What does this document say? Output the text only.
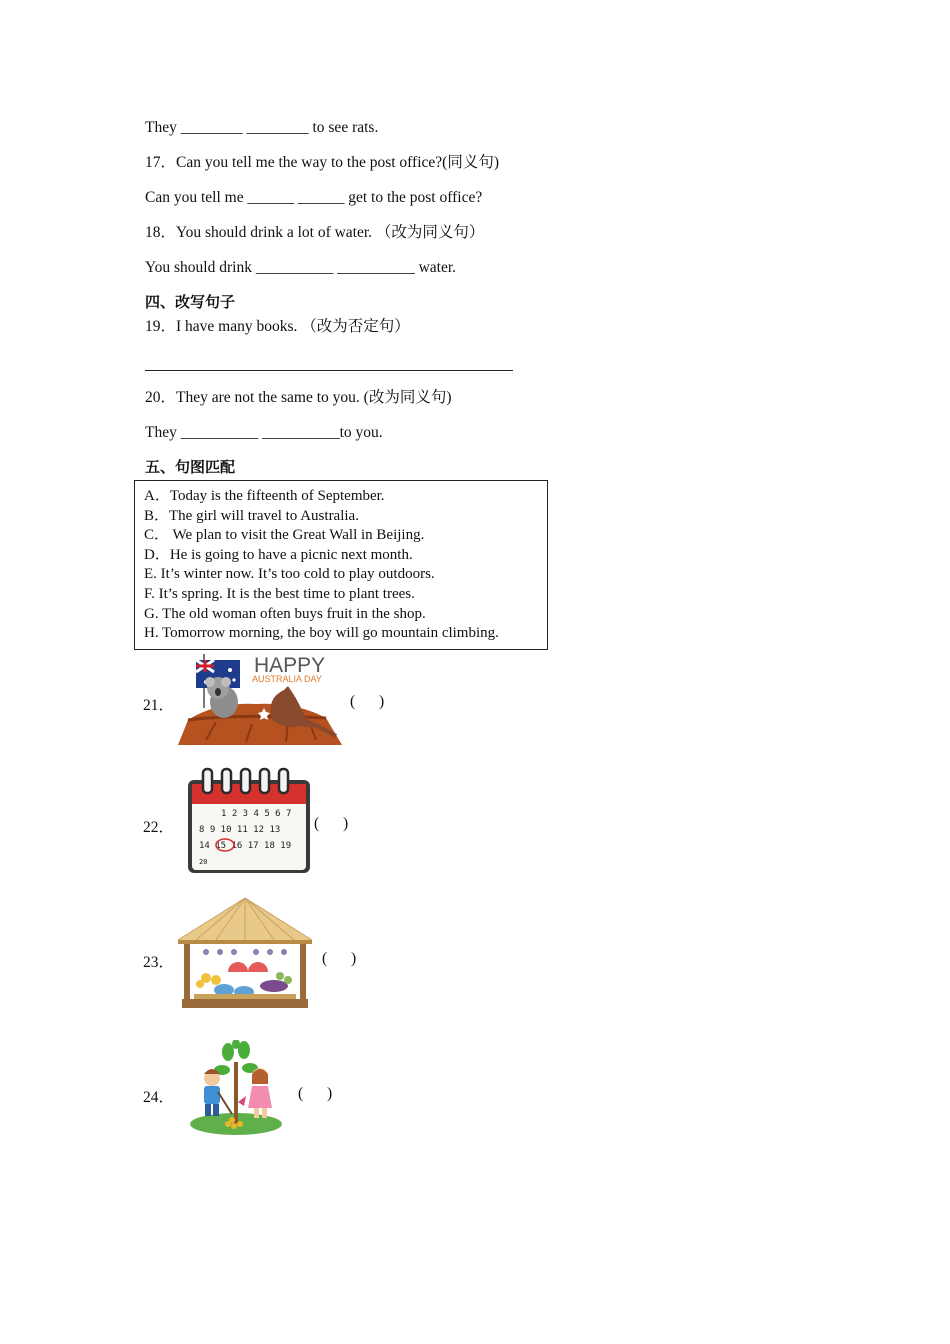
They ________ ________ to see rats.
17．Can you tell me the way to the post office?(同义句)
Can you tell me ______ ______ get to the post office?
18．You should drink a lot of water. （改为同义句）
You should drink __________ __________ water.
四、改写句子
19．I have many books. （改为否定句）
20．They are not the same to you. (改为同义句)
They __________ __________to you.
五、句图匹配
A．Today is the fifteenth of September.
B．The girl will travel to Australia.
C． We plan to visit the Great Wall in Beijing.
D．He is going to have a picnic next month.
E. It’s winter now. It’s too cold to play outdoors.
F. It’s spring. It is the best time to plant trees.
G. The old woman often buys fruit in the shop.
H. Tomorrow morning, the boy will go mountain climbing.
21．	( )
HAPPY
AUSTRALIA DAY
22．	( )
1 2 3 4 5 6 7
8 9 10 11 12 13
14 15 16 17 18 19
20
23．	( )
24．	( )
